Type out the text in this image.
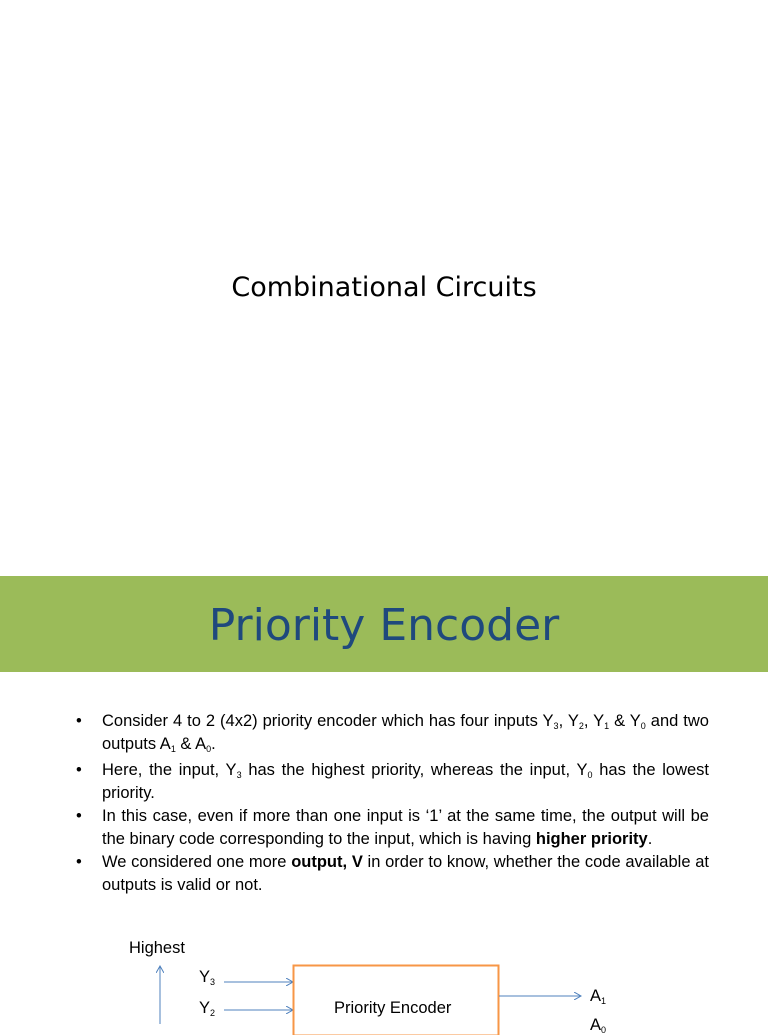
Combinational Circuits
Priority Encoder
• Consider 4 to 2 (4x2) priority encoder which has four inputs $Y_3$, $Y_2$, $Y_1$ & $Y_0$ and two outputs $A_1$ & $A_0$.
• Here, the input, $Y_3$ has the highest priority, whereas the input, $Y_0$ has the lowest priority.
• In this case, even if more than one input is ‘1’ at the same time, the output will be the binary code corresponding to the input, which is having higher priority.
• We considered one more output, V in order to know, whether the code available at outputs is valid or not.
Highest
$Y_3$
$Y_2$	Priority Encoder
$A_1$
$A_0$
